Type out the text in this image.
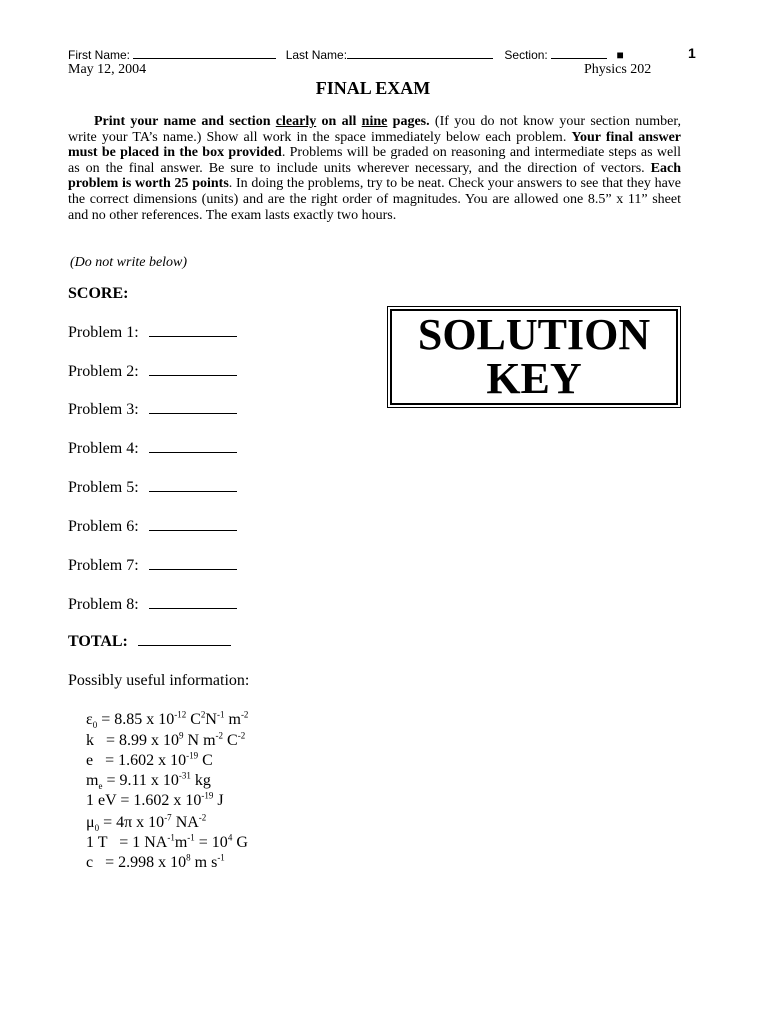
First Name:	Last Name:	Section:	■	1
May 12, 2004	Physics 202
FINAL EXAM
Print your name and section clearly on all nine pages. (If you do not know your section number, write your TA’s name.) Show all work in the space immediately below each problem. Your final answer must be placed in the box provided. Problems will be graded on reasoning and intermediate steps as well as on the final answer. Be sure to include units wherever necessary, and the direction of vectors. Each problem is worth 25 points. In doing the problems, try to be neat. Check your answers to see that they have the correct dimensions (units) and are the right order of magnitudes. You are allowed one 8.5” x 11” sheet and no other references. The exam lasts exactly two hours.
(Do not write below)
SCORE:
Problem 1:
Problem 2:
Problem 3:
Problem 4:
Problem 5:
Problem 6:
Problem 7:
Problem 8:
TOTAL:
SOLUTION
KEY
Possibly useful information:
$\varepsilon_0 = 8.85$ x $10^{-12}$ $C^2N^{-1}$ $m^{-2}$
k   = 8.99 x $10^9$ N $m^{-2}$ $C^{-2}$
e   = 1.602 x $10^{-19}$ C
$m_e = 9.11$ x $10^{-31}$ kg
1 eV = 1.602 x $10^{-19}$ J
$\mu_0 = 4\pi$ x $10^{-7}$ $NA^{-2}$
1 T   = 1 $NA^{-1}m^{-1} = 10^4$ G
c   = 2.998 x $10^8$ m $s^{-1}$
